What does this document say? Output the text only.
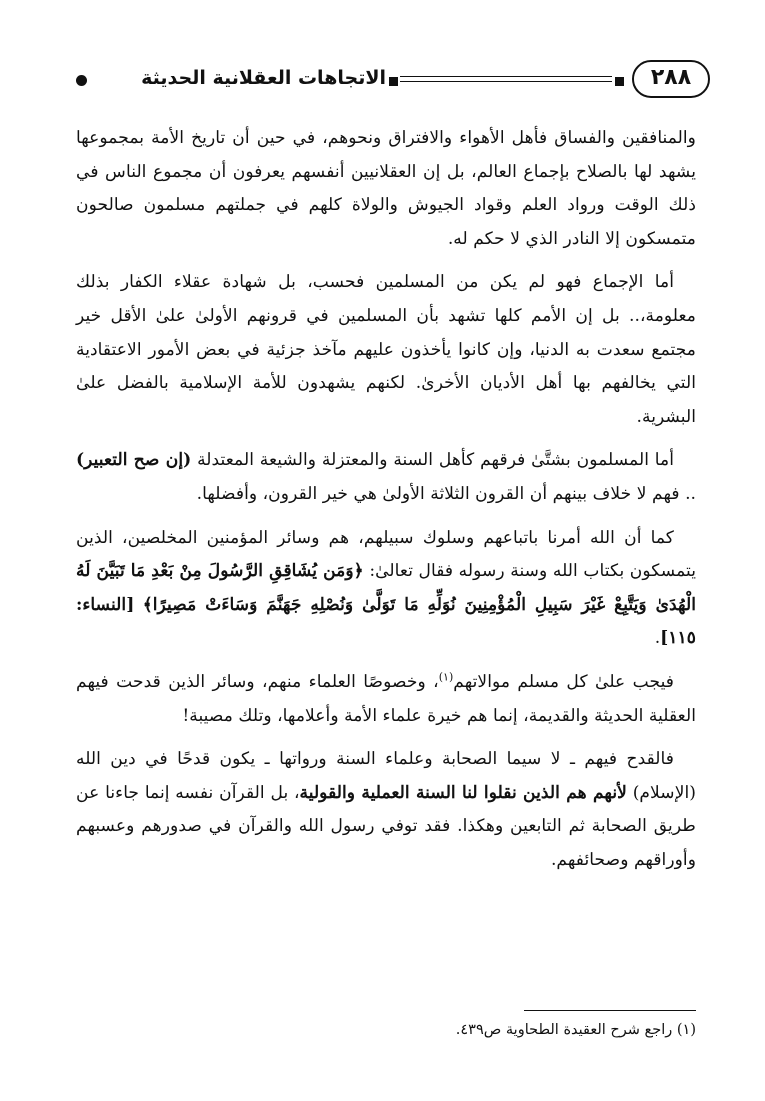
٢٨٨
الاتجاهات العقلانية الحديثة

والمنافقين والفساق فأهل الأهواء والافتراق ونحوهم، في حين أن تاريخ الأمة بمجموعها يشهد لها بالصلاح بإجماع العالم، بل إن العقلانيين أنفسهم يعرفون أن مجموع الناس في ذلك الوقت ورواد العلم وقواد الجيوش والولاة كلهم في جملتهم مسلمون صالحون متمسكون إلا النادر الذي لا حكم له.

أما الإجماع فهو لم يكن من المسلمين فحسب، بل شهادة عقلاء الكفار بذلك معلومة،.. بل إن الأمم كلها تشهد بأن المسلمين في قرونهم الأولىٰ علىٰ الأقل خير مجتمع سعدت به الدنيا، وإن كانوا يأخذون عليهم مآخذ جزئية في بعض الأمور الاعتقادية التي يخالفهم بها أهل الأديان الأخرىٰ. لكنهم يشهدون للأمة الإسلامية بالفضل علىٰ البشرية.

أما المسلمون بشتَّىٰ فرقهم كأهل السنة والمعتزلة والشيعة المعتدلة (إن صح التعبير) .. فهم لا خلاف بينهم أن القرون الثلاثة الأولىٰ هي خير القرون، وأفضلها.

كما أن الله أمرنا باتباعهم وسلوك سبيلهم، هم وسائر المؤمنين المخلصين، الذين يتمسكون بكتاب الله وسنة رسوله فقال تعالىٰ: ﴿وَمَن يُشَاقِقِ الرَّسُولَ مِنْ بَعْدِ مَا تَبَيَّنَ لَهُ الْهُدَىٰ وَيَتَّبِعْ غَيْرَ سَبِيلِ الْمُؤْمِنِينَ نُوَلِّهِ مَا تَوَلَّىٰ وَنُصْلِهِ جَهَنَّمَ وَسَاءَتْ مَصِيرًا﴾ [النساء: ١١٥].

فيجب علىٰ كل مسلم موالاتهم$^{(١)}$، وخصوصًا العلماء منهم، وسائر الذين قدحت فيهم العقلية الحديثة والقديمة، إنما هم خيرة علماء الأمة وأعلامها، وتلك مصيبة!

فالقدح فيهم ـ لا سيما الصحابة وعلماء السنة ورواتها ـ يكون قدحًا في دين الله (الإسلام) لأنهم هم الذين نقلوا لنا السنة العملية والقولية، بل القرآن نفسه إنما جاءنا عن طريق الصحابة ثم التابعين وهكذا. فقد توفي رسول الله والقرآن في صدورهم وعسبهم وأوراقهم وصحائفهم.

(١) راجع شرح العقيدة الطحاوية ص٤٣٩.
